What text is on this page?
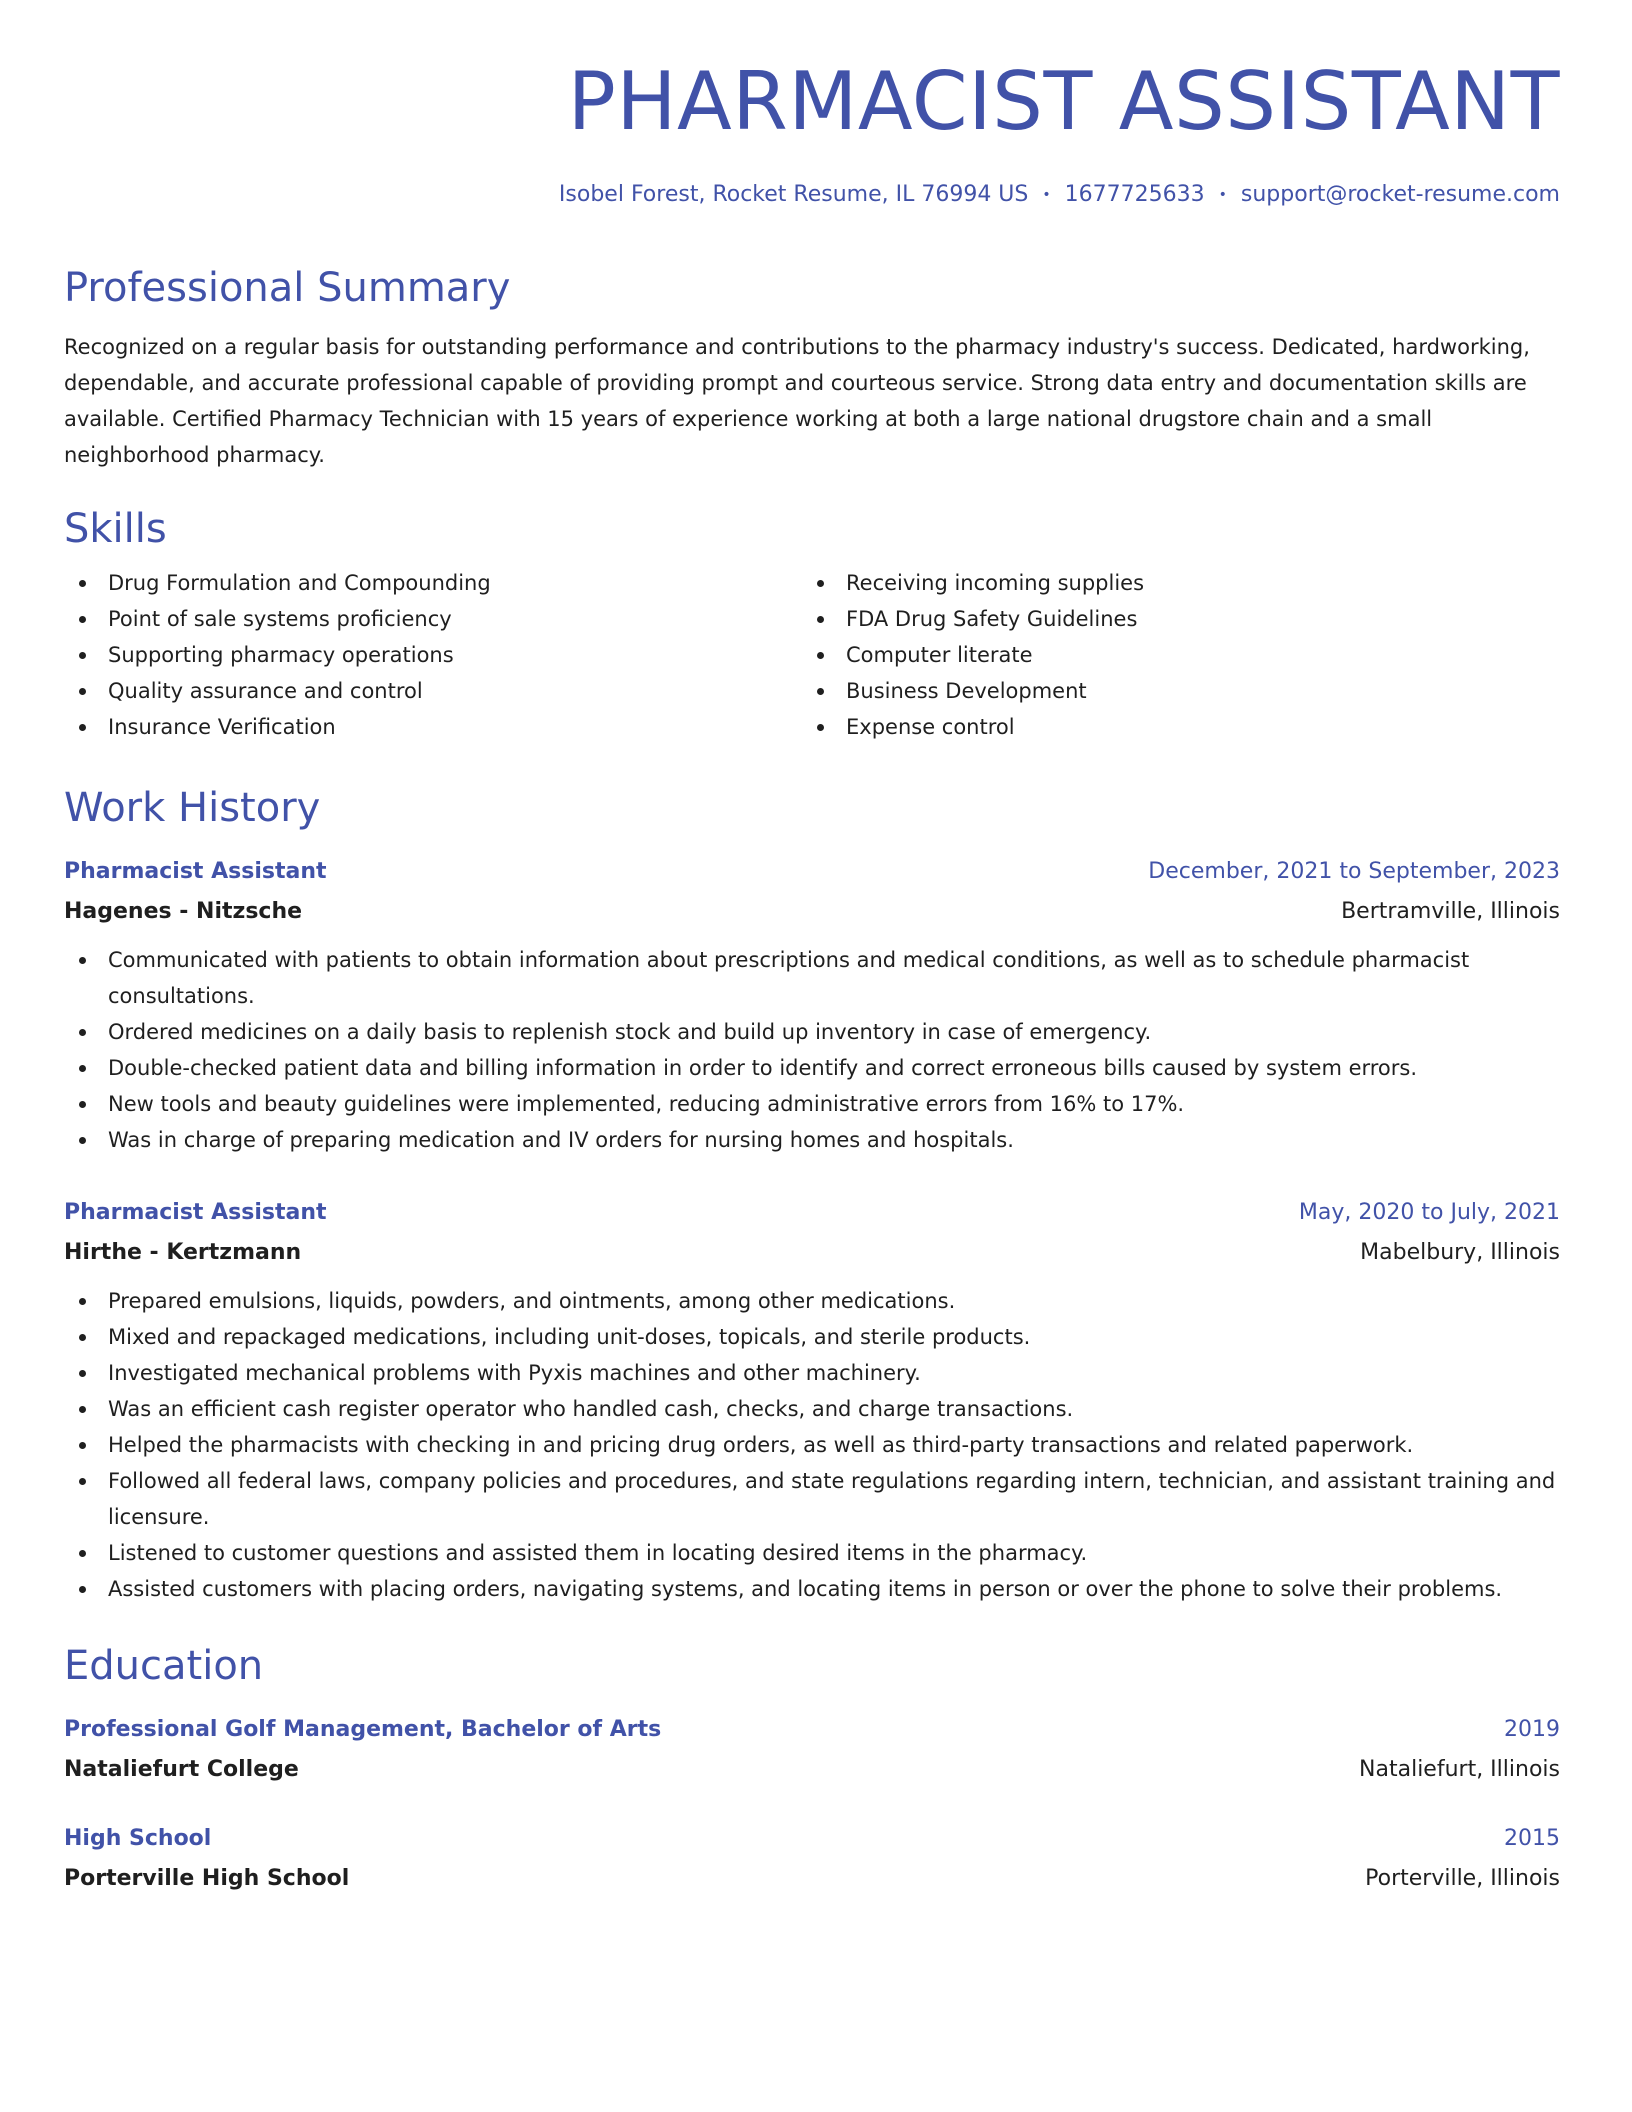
PHARMACIST ASSISTANT
Isobel Forest, Rocket Resume, IL 76994 US • 1677725633 • support@rocket-resume.com
Professional Summary

Recognized on a regular basis for outstanding performance and contributions to the pharmacy industry's success. Dedicated, hardworking, dependable, and accurate professional capable of providing prompt and courteous service. Strong data entry and documentation skills are available. Certified Pharmacy Technician with 15 years of experience working at both a large national drugstore chain and a small neighborhood pharmacy.

Skills
Drug Formulation and Compounding
Point of sale systems proficiency
Supporting pharmacy operations
Quality assurance and control
Insurance Verification
Receiving incoming supplies
FDA Drug Safety Guidelines
Computer literate
Business Development
Expense control
Work History
Pharmacist Assistant	December, 2021 to September, 2023
Hagenes - Nitzsche	Bertramville, Illinois
Communicated with patients to obtain information about prescriptions and medical conditions, as well as to schedule pharmacist consultations.
Ordered medicines on a daily basis to replenish stock and build up inventory in case of emergency.
Double-checked patient data and billing information in order to identify and correct erroneous bills caused by system errors.
New tools and beauty guidelines were implemented, reducing administrative errors from 16% to 17%.
Was in charge of preparing medication and IV orders for nursing homes and hospitals.
Pharmacist Assistant	May, 2020 to July, 2021
Hirthe - Kertzmann	Mabelbury, Illinois
Prepared emulsions, liquids, powders, and ointments, among other medications.
Mixed and repackaged medications, including unit-doses, topicals, and sterile products.
Investigated mechanical problems with Pyxis machines and other machinery.
Was an efficient cash register operator who handled cash, checks, and charge transactions.
Helped the pharmacists with checking in and pricing drug orders, as well as third-party transactions and related paperwork.
Followed all federal laws, company policies and procedures, and state regulations regarding intern, technician, and assistant training and licensure.
Listened to customer questions and assisted them in locating desired items in the pharmacy.
Assisted customers with placing orders, navigating systems, and locating items in person or over the phone to solve their problems.
Education
Professional Golf Management, Bachelor of Arts	2019
Nataliefurt College	Nataliefurt, Illinois
High School	2015
Porterville High School	Porterville, Illinois
